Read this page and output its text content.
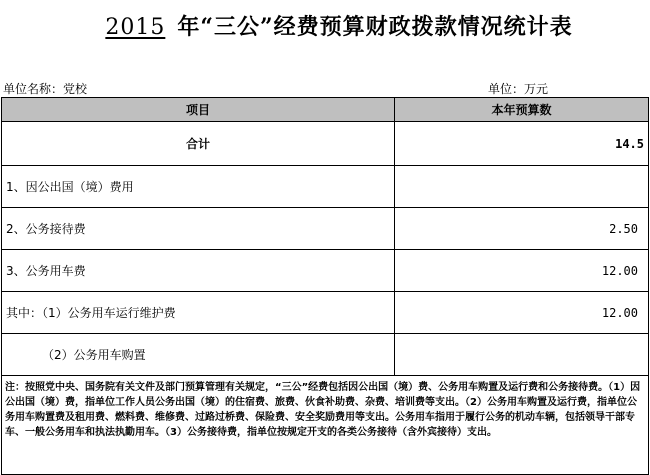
2015 年“三公”经费预算财政拨款情况统计表
单位名称：党校	单位：万元
项目	本年预算数
合计	14.5
1、因公出国（境）费用	
2、公务接待费	2.50
3、公务用车费	12.00
其中：（1）公务用车运行维护费	12.00
（2）公务用车购置	
注：按照党中央、国务院有关文件及部门预算管理有关规定，“三公”经费包括因公出国（境）费、公务用车购置及运行费和公务接待费。（1）因公出国（境）费，指单位工作人员公务出国（境）的住宿费、旅费、伙食补助费、杂费、培训费等支出。（2）公务用车购置及运行费，指单位公务用车购置费及租用费、燃料费、维修费、过路过桥费、保险费、安全奖励费用等支出。公务用车指用于履行公务的机动车辆，包括领导干部专车、一般公务用车和执法执勤用车。（3）公务接待费，指单位按规定开支的各类公务接待（含外宾接待）支出。	
